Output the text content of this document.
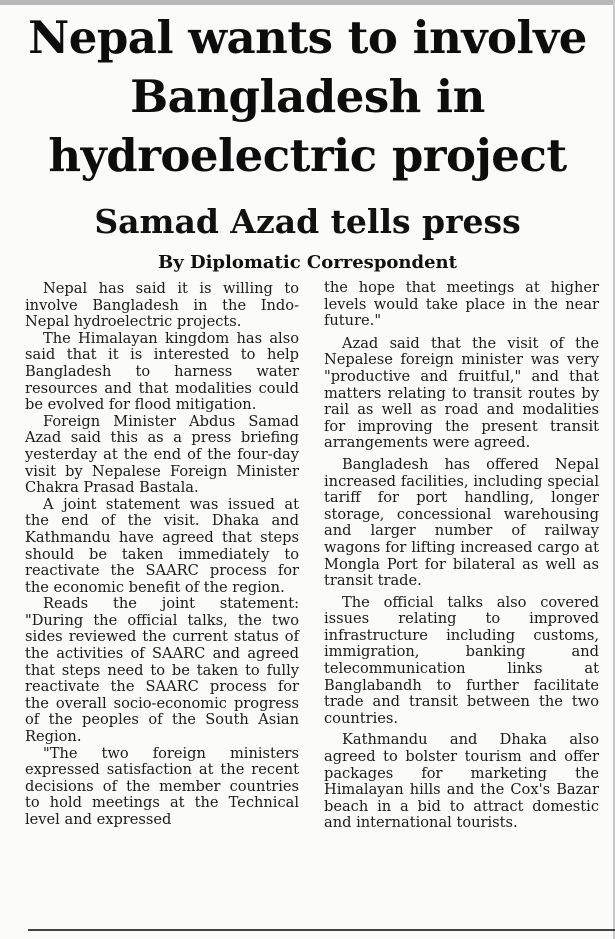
Nepal wants to involve Bangladesh in hydroelectric project
Samad Azad tells press
By Diplomatic Correspondent

Nepal has said it is willing to involve Bangladesh in the Indo-Nepal hydroelectric projects.

The Himalayan kingdom has also said that it is interested to help Bangladesh to harness water resources and that modalities could be evolved for flood mitigation.

Foreign Minister Abdus Samad Azad said this as a press briefing yesterday at the end of the four-day visit by Nepalese Foreign Minister Chakra Prasad Bastala.

A joint statement was issued at the end of the visit. Dhaka and Kathmandu have agreed that steps should be taken immediately to reactivate the SAARC process for the economic benefit of the region.

Reads the joint statement: "During the official talks, the two sides reviewed the current status of the activities of SAARC and agreed that steps need to be taken to fully reactivate the SAARC process for the overall socio-economic progress of the peoples of the South Asian Region.

"The two foreign ministers expressed satisfaction at the recent decisions of the member countries to hold meetings at the Technical level and expressed

the hope that meetings at higher levels would take place in the near future."

Azad said that the visit of the Nepalese foreign minister was very "productive and fruitful," and that matters relating to transit routes by rail as well as road and modalities for improving the present transit arrangements were agreed.

Bangladesh has offered Nepal increased facilities, including special tariff for port handling, longer storage, concessional warehousing and larger number of railway wagons for lifting increased cargo at Mongla Port for bilateral as well as transit trade.

The official talks also covered issues relating to improved infrastructure including customs, immigration, banking and telecommunication links at Banglabandh to further facilitate trade and transit between the two countries.

Kathmandu and Dhaka also agreed to bolster tourism and offer packages for marketing the Himalayan hills and the Cox's Bazar beach in a bid to attract domestic and international tourists.
